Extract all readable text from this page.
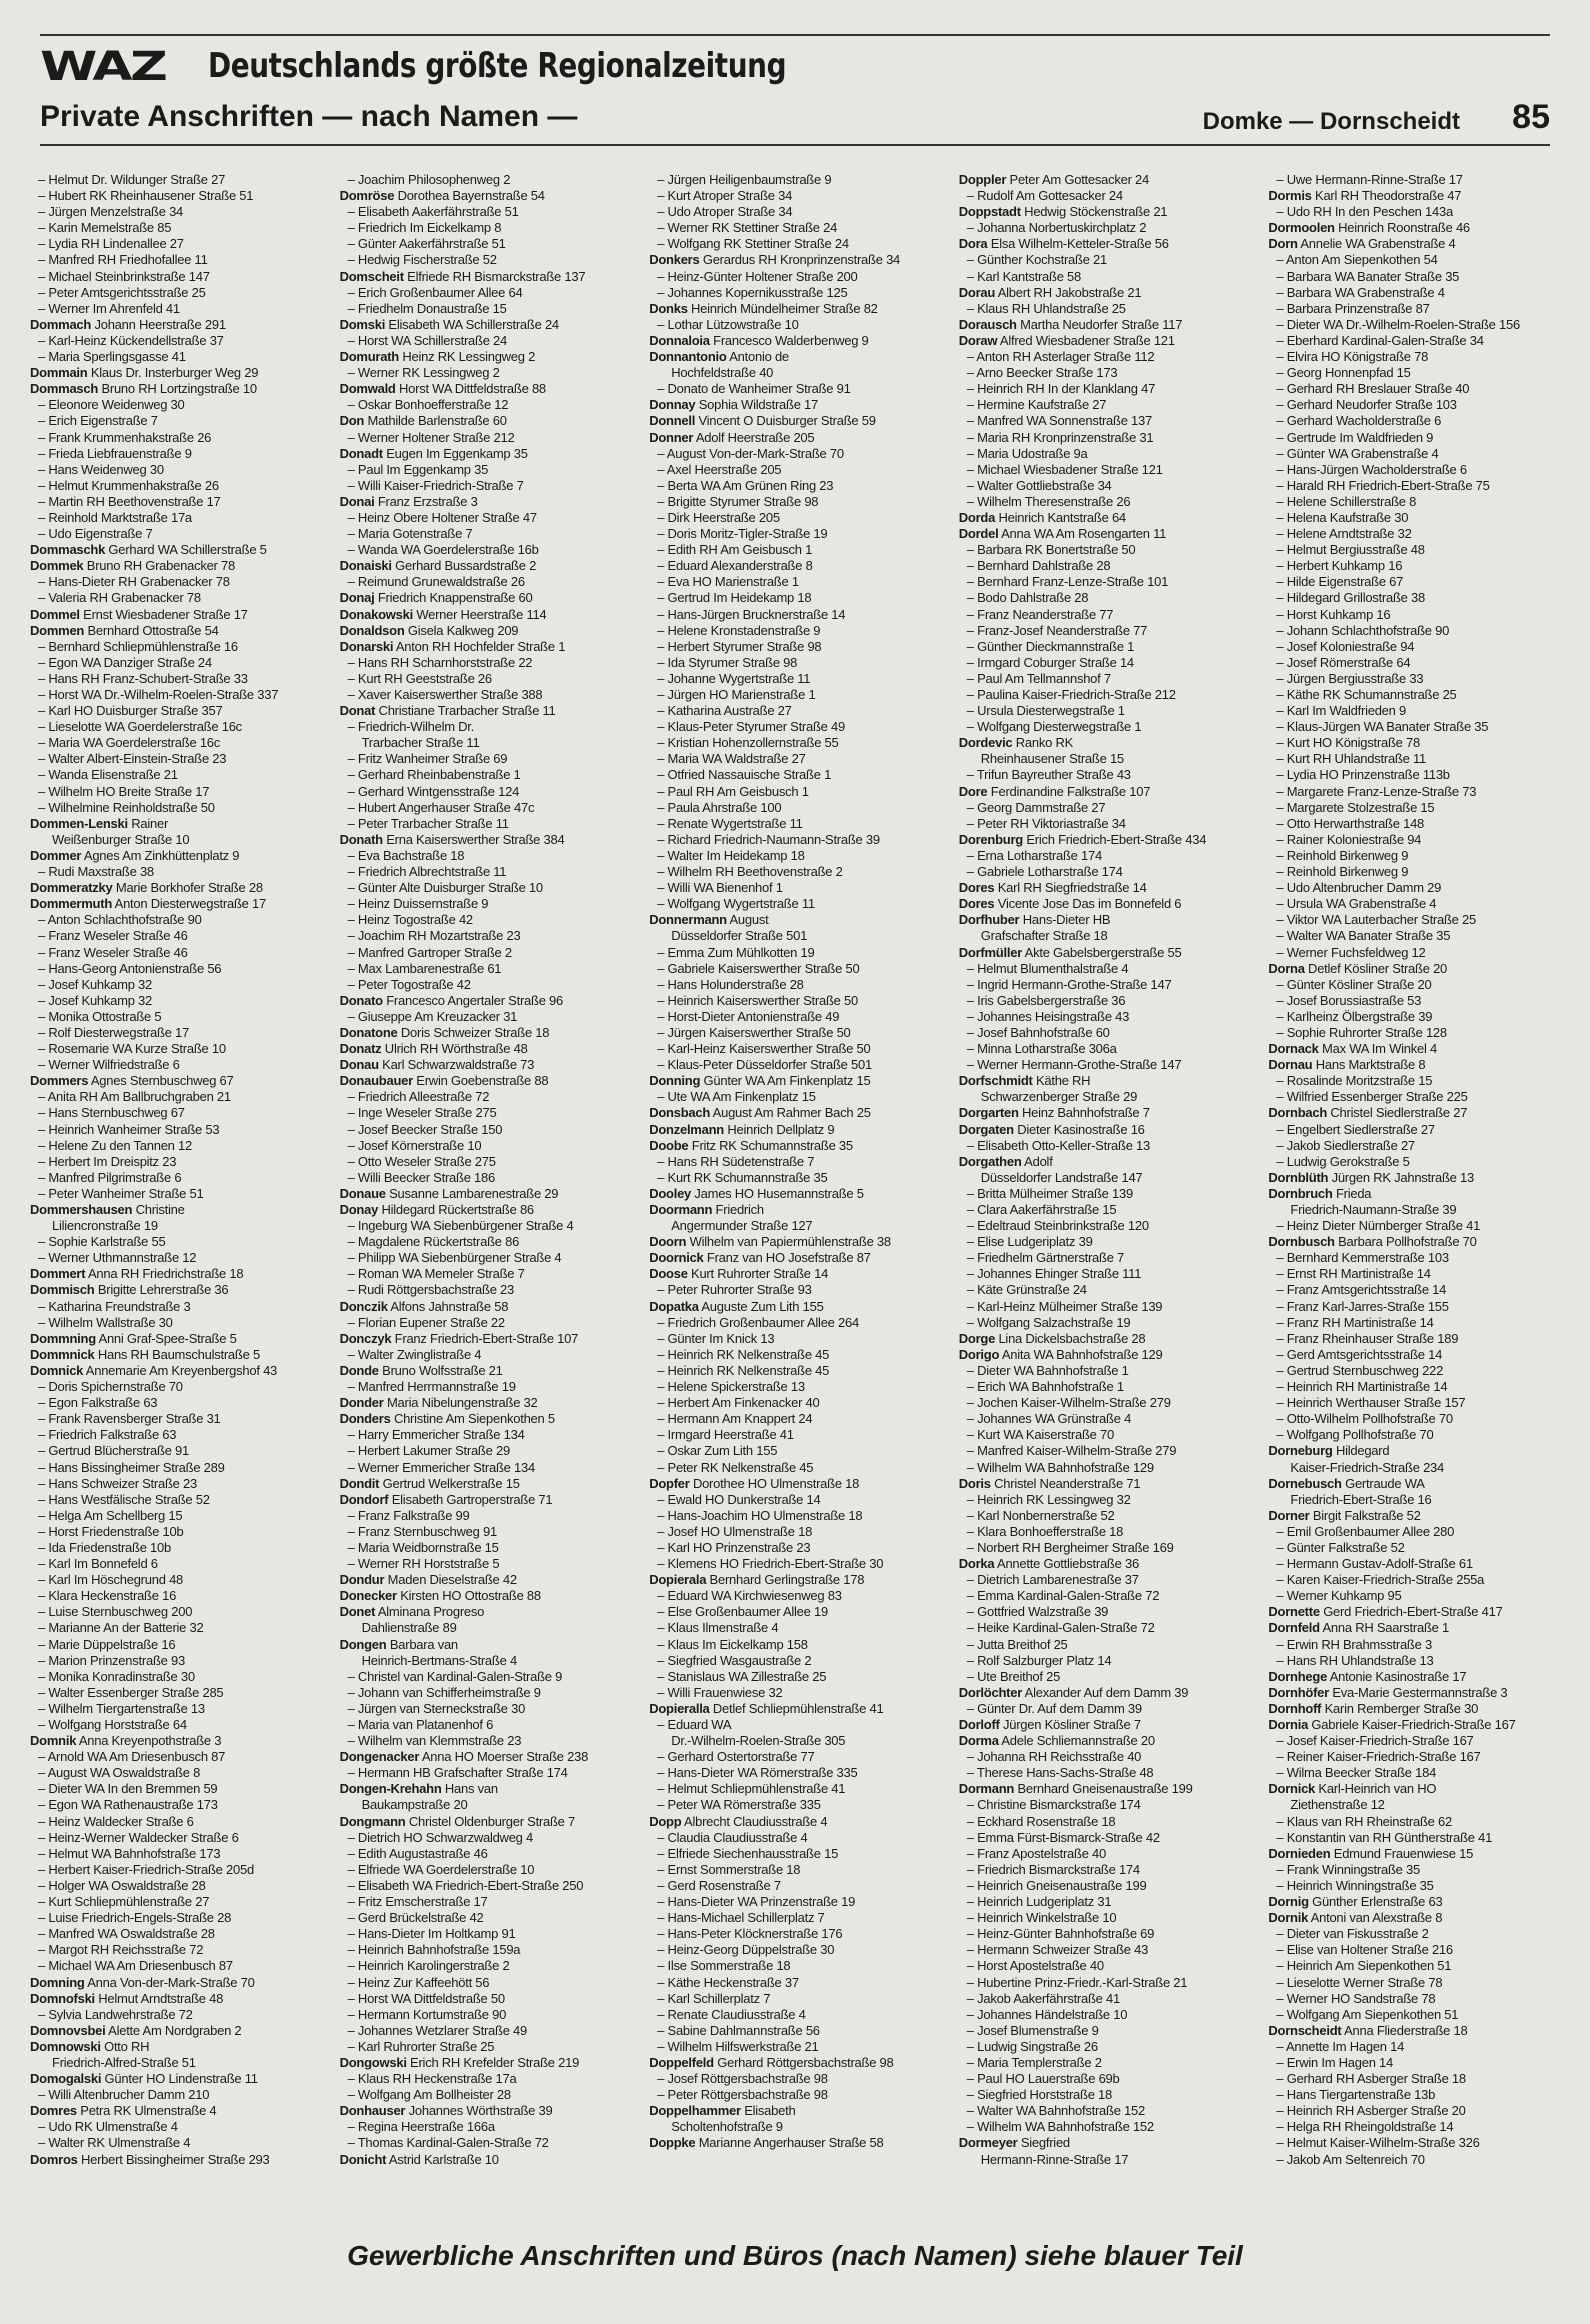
WAZ Deutschlands größte Regionalzeitung
Private Anschriften — nach Namen —	Domke — Dornscheidt 85
– Helmut Dr. Wildunger Straße 27
– Hubert RK Rheinhausener Straße 51
– Jürgen Menzelstraße 34
– Karin Memelstraße 85
– Lydia RH Lindenallee 27
– Manfred RH Friedhofallee 11
– Michael Steinbrinkstraße 147
– Peter Amtsgerichtsstraße 25
– Werner Im Ahrenfeld 41
Dommach Johann Heerstraße 291
– Karl-Heinz Kückendellstraße 37
– Maria Sperlingsgasse 41
Dommain Klaus Dr. Insterburger Weg 29
Dommasch Bruno RH Lortzingstraße 10
– Eleonore Weidenweg 30
– Erich Eigenstraße 7
– Frank Krummenhakstraße 26
– Frieda Liebfrauenstraße 9
– Hans Weidenweg 30
– Helmut Krummenhakstraße 26
– Martin RH Beethovenstraße 17
– Reinhold Marktstraße 17a
– Udo Eigenstraße 7
Dommaschk Gerhard WA Schillerstraße 5
Dommek Bruno RH Grabenacker 78
– Hans-Dieter RH Grabenacker 78
– Valeria RH Grabenacker 78
Dommel Ernst Wiesbadener Straße 17
Dommen Bernhard Ottostraße 54
– Bernhard Schliepmühlenstraße 16
– Egon WA Danziger Straße 24
– Hans RH Franz-Schubert-Straße 33
– Horst WA Dr.-Wilhelm-Roelen-Straße 337
– Karl HO Duisburger Straße 357
– Lieselotte WA Goerdelerstraße 16c
– Maria WA Goerdelerstraße 16c
– Walter Albert-Einstein-Straße 23
– Wanda Elisenstraße 21
– Wilhelm HO Breite Straße 17
– Wilhelmine Reinholdstraße 50
Dommen-Lenski Rainer
Weißenburger Straße 10
Dommer Agnes Am Zinkhüttenplatz 9
– Rudi Maxstraße 38
Dommeratzky Marie Borkhofer Straße 28
Dommermuth Anton Diesterwegstraße 17
– Anton Schlachthofstraße 90
– Franz Weseler Straße 46
– Franz Weseler Straße 46
– Hans-Georg Antonienstraße 56
– Josef Kuhkamp 32
– Josef Kuhkamp 32
– Monika Ottostraße 5
– Rolf Diesterwegstraße 17
– Rosemarie WA Kurze Straße 10
– Werner Wilfriedstraße 6
Dommers Agnes Sternbuschweg 67
– Anita RH Am Ballbruchgraben 21
– Hans Sternbuschweg 67
– Heinrich Wanheimer Straße 53
– Helene Zu den Tannen 12
– Herbert Im Dreispitz 23
– Manfred Pilgrimstraße 6
– Peter Wanheimer Straße 51
Dommershausen Christine
Liliencronstraße 19
– Sophie Karlstraße 55
– Werner Uthmannstraße 12
Dommert Anna RH Friedrichstraße 18
Dommisch Brigitte Lehrerstraße 36
– Katharina Freundstraße 3
– Wilhelm Wallstraße 30
Dommning Anni Graf-Spee-Straße 5
Dommnick Hans RH Baumschulstraße 5
Domnick Annemarie Am Kreyenbergshof 43
– Doris Spichernstraße 70
– Egon Falkstraße 63
– Frank Ravensberger Straße 31
– Friedrich Falkstraße 63
– Gertrud Blücherstraße 91
– Hans Bissingheimer Straße 289
– Hans Schweizer Straße 23
– Hans Westfälische Straße 52
– Helga Am Schellberg 15
– Horst Friedenstraße 10b
– Ida Friedenstraße 10b
– Karl Im Bonnefeld 6
– Karl Im Höschegrund 48
– Klara Heckenstraße 16
– Luise Sternbuschweg 200
– Marianne An der Batterie 32
– Marie Düppelstraße 16
– Marion Prinzenstraße 93
– Monika Konradinstraße 30
– Walter Essenberger Straße 285
– Wilhelm Tiergartenstraße 13
– Wolfgang Horststraße 64
Domnik Anna Kreyenpothstraße 3
– Arnold WA Am Driesenbusch 87
– August WA Oswaldstraße 8
– Dieter WA In den Bremmen 59
– Egon WA Rathenaustraße 173
– Heinz Waldecker Straße 6
– Heinz-Werner Waldecker Straße 6
– Helmut WA Bahnhofstraße 173
– Herbert Kaiser-Friedrich-Straße 205d
– Holger WA Oswaldstraße 28
– Kurt Schliepmühlenstraße 27
– Luise Friedrich-Engels-Straße 28
– Manfred WA Oswaldstraße 28
– Margot RH Reichsstraße 72
– Michael WA Am Driesenbusch 87
Domning Anna Von-der-Mark-Straße 70
Domnofski Helmut Arndtstraße 48
– Sylvia Landwehrstraße 72
Domnovsbei Alette Am Nordgraben 2
Domnowski Otto RH
Friedrich-Alfred-Straße 51
Domogalski Günter HO Lindenstraße 11
– Willi Altenbrucher Damm 210
Domres Petra RK Ulmenstraße 4
– Udo RK Ulmenstraße 4
– Walter RK Ulmenstraße 4
Domros Herbert Bissingheimer Straße 293
– Joachim Philosophenweg 2
Domröse Dorothea Bayernstraße 54
– Elisabeth Aakerfährstraße 51
– Friedrich Im Eickelkamp 8
– Günter Aakerfährstraße 51
– Hedwig Fischerstraße 52
Domscheit Elfriede RH Bismarckstraße 137
– Erich Großenbaumer Allee 64
– Friedhelm Donaustraße 15
Domski Elisabeth WA Schillerstraße 24
– Horst WA Schillerstraße 24
Domurath Heinz RK Lessingweg 2
– Werner RK Lessingweg 2
Domwald Horst WA Dittfeldstraße 88
– Oskar Bonhoefferstraße 12
Don Mathilde Barlenstraße 60
– Werner Holtener Straße 212
Donadt Eugen Im Eggenkamp 35
– Paul Im Eggenkamp 35
– Willi Kaiser-Friedrich-Straße 7
Donai Franz Erzstraße 3
– Heinz Obere Holtener Straße 47
– Maria Gotenstraße 7
– Wanda WA Goerdelerstraße 16b
Donaiski Gerhard Bussardstraße 2
– Reimund Grunewaldstraße 26
Donaj Friedrich Knappenstraße 60
Donakowski Werner Heerstraße 114
Donaldson Gisela Kalkweg 209
Donarski Anton RH Hochfelder Straße 1
– Hans RH Scharnhorststraße 22
– Kurt RH Geeststraße 26
– Xaver Kaiserswerther Straße 388
Donat Christiane Trarbacher Straße 11
– Friedrich-Wilhelm Dr.
Trarbacher Straße 11
– Fritz Wanheimer Straße 69
– Gerhard Rheinbabenstraße 1
– Gerhard Wintgensstraße 124
– Hubert Angerhauser Straße 47c
– Peter Trarbacher Straße 11
Donath Erna Kaiserswerther Straße 384
– Eva Bachstraße 18
– Friedrich Albrechtstraße 11
– Günter Alte Duisburger Straße 10
– Heinz Duissernstraße 9
– Heinz Togostraße 42
– Joachim RH Mozartstraße 23
– Manfred Gartroper Straße 2
– Max Lambarenestraße 61
– Peter Togostraße 42
Donato Francesco Angertaler Straße 96
– Giuseppe Am Kreuzacker 31
Donatone Doris Schweizer Straße 18
Donatz Ulrich RH Wörthstraße 48
Donau Karl Schwarzwaldstraße 73
Donaubauer Erwin Goebenstraße 88
– Friedrich Alleestraße 72
– Inge Weseler Straße 275
– Josef Beecker Straße 150
– Josef Körnerstraße 10
– Otto Weseler Straße 275
– Willi Beecker Straße 186
Donaue Susanne Lambarenestraße 29
Donay Hildegard Rückertstraße 86
– Ingeburg WA Siebenbürgener Straße 4
– Magdalene Rückertstraße 86
– Philipp WA Siebenbürgener Straße 4
– Roman WA Memeler Straße 7
– Rudi Röttgersbachstraße 23
Donczik Alfons Jahnstraße 58
– Florian Eupener Straße 22
Donczyk Franz Friedrich-Ebert-Straße 107
– Walter Zwinglistraße 4
Donde Bruno Wolfsstraße 21
– Manfred Herrmannstraße 19
Donder Maria Nibelungenstraße 32
Donders Christine Am Siepenkothen 5
– Harry Emmericher Straße 134
– Herbert Lakumer Straße 29
– Werner Emmericher Straße 134
Dondit Gertrud Welkerstraße 15
Dondorf Elisabeth Gartroperstraße 71
– Franz Falkstraße 99
– Franz Sternbuschweg 91
– Maria Weidbornstraße 15
– Werner RH Horststraße 5
Dondur Maden Dieselstraße 42
Donecker Kirsten HO Ottostraße 88
Donet Alminana Progreso
Dahlienstraße 89
Dongen Barbara van
Heinrich-Bertmans-Straße 4
– Christel van Kardinal-Galen-Straße 9
– Johann van Schifferheimstraße 9
– Jürgen van Sterneckstraße 30
– Maria van Platanenhof 6
– Wilhelm van Klemmstraße 23
Dongenacker Anna HO Moerser Straße 238
– Hermann HB Grafschafter Straße 174
Dongen-Krehahn Hans van
Baukampstraße 20
Dongmann Christel Oldenburger Straße 7
– Dietrich HO Schwarzwaldweg 4
– Edith Augustastraße 46
– Elfriede WA Goerdelerstraße 10
– Elisabeth WA Friedrich-Ebert-Straße 250
– Fritz Emscherstraße 17
– Gerd Brückelstraße 42
– Hans-Dieter Im Holtkamp 91
– Heinrich Bahnhofstraße 159a
– Heinrich Karolingerstraße 2
– Heinz Zur Kaffeehött 56
– Horst WA Dittfeldstraße 50
– Hermann Kortumstraße 90
– Johannes Wetzlarer Straße 49
– Karl Ruhrorter Straße 25
Dongowski Erich RH Krefelder Straße 219
– Klaus RH Heckenstraße 17a
– Wolfgang Am Bollheister 28
Donhauser Johannes Wörthstraße 39
– Regina Heerstraße 166a
– Thomas Kardinal-Galen-Straße 72
Donicht Astrid Karlstraße 10
– Jürgen Heiligenbaumstraße 9
– Kurt Atroper Straße 34
– Udo Atroper Straße 34
– Werner RK Stettiner Straße 24
– Wolfgang RK Stettiner Straße 24
Donkers Gerardus RH Kronprinzenstraße 34
– Heinz-Günter Holtener Straße 200
– Johannes Kopernikusstraße 125
Donks Heinrich Mündelheimer Straße 82
– Lothar Lützowstraße 10
Donnaloia Francesco Walderbenweg 9
Donnantonio Antonio de
Hochfeldstraße 40
– Donato de Wanheimer Straße 91
Donnay Sophia Wildstraße 17
Donnell Vincent O Duisburger Straße 59
Donner Adolf Heerstraße 205
– August Von-der-Mark-Straße 70
– Axel Heerstraße 205
– Berta WA Am Grünen Ring 23
– Brigitte Styrumer Straße 98
– Dirk Heerstraße 205
– Doris Moritz-Tigler-Straße 19
– Edith RH Am Geisbusch 1
– Eduard Alexanderstraße 8
– Eva HO Marienstraße 1
– Gertrud Im Heidekamp 18
– Hans-Jürgen Brucknerstraße 14
– Helene Kronstadenstraße 9
– Herbert Styrumer Straße 98
– Ida Styrumer Straße 98
– Johanne Wygertstraße 11
– Jürgen HO Marienstraße 1
– Katharina Austraße 27
– Klaus-Peter Styrumer Straße 49
– Kristian Hohenzollernstraße 55
– Maria WA Waldstraße 27
– Otfried Nassauische Straße 1
– Paul RH Am Geisbusch 1
– Paula Ahrstraße 100
– Renate Wygertstraße 11
– Richard Friedrich-Naumann-Straße 39
– Walter Im Heidekamp 18
– Wilhelm RH Beethovenstraße 2
– Willi WA Bienenhof 1
– Wolfgang Wygertstraße 11
Donnermann August
Düsseldorfer Straße 501
– Emma Zum Mühlkotten 19
– Gabriele Kaiserswerther Straße 50
– Hans Holunderstraße 28
– Heinrich Kaiserswerther Straße 50
– Horst-Dieter Antonienstraße 49
– Jürgen Kaiserswerther Straße 50
– Karl-Heinz Kaiserswerther Straße 50
– Klaus-Peter Düsseldorfer Straße 501
Donning Günter WA Am Finkenplatz 15
– Ute WA Am Finkenplatz 15
Donsbach August Am Rahmer Bach 25
Donzelmann Heinrich Dellplatz 9
Doobe Fritz RK Schumannstraße 35
– Hans RH Südetenstraße 7
– Kurt RK Schumannstraße 35
Dooley James HO Husemannstraße 5
Doormann Friedrich
Angermunder Straße 127
Doorn Wilhelm van Papiermühlenstraße 38
Doornick Franz van HO Josefstraße 87
Doose Kurt Ruhrorter Straße 14
– Peter Ruhrorter Straße 93
Dopatka Auguste Zum Lith 155
– Friedrich Großenbaumer Allee 264
– Günter Im Knick 13
– Heinrich RK Nelkenstraße 45
– Heinrich RK Nelkenstraße 45
– Helene Spickerstraße 13
– Herbert Am Finkenacker 40
– Hermann Am Knappert 24
– Irmgard Heerstraße 41
– Oskar Zum Lith 155
– Peter RK Nelkenstraße 45
Dopfer Dorothee HO Ulmenstraße 18
– Ewald HO Dunkerstraße 14
– Hans-Joachim HO Ulmenstraße 18
– Josef HO Ulmenstraße 18
– Karl HO Prinzenstraße 23
– Klemens HO Friedrich-Ebert-Straße 30
Dopierala Bernhard Gerlingstraße 178
– Eduard WA Kirchwiesenweg 83
– Else Großenbaumer Allee 19
– Klaus Ilmenstraße 4
– Klaus Im Eickelkamp 158
– Siegfried Wasgaustraße 2
– Stanislaus WA Zillestraße 25
– Willi Frauenwiese 32
Dopieralla Detlef Schliepmühlenstraße 41
– Eduard WA
Dr.-Wilhelm-Roelen-Straße 305
– Gerhard Ostertorstraße 77
– Hans-Dieter WA Römerstraße 335
– Helmut Schliepmühlenstraße 41
– Peter WA Römerstraße 335
Dopp Albrecht Claudiusstraße 4
– Claudia Claudiusstraße 4
– Elfriede Siechenhausstraße 15
– Ernst Sommerstraße 18
– Gerd Rosenstraße 7
– Hans-Dieter WA Prinzenstraße 19
– Hans-Michael Schillerplatz 7
– Hans-Peter Klöcknerstraße 176
– Heinz-Georg Düppelstraße 30
– Ilse Sommerstraße 18
– Käthe Heckenstraße 37
– Karl Schillerplatz 7
– Renate Claudiusstraße 4
– Sabine Dahlmannstraße 56
– Wilhelm Hilfswerkstraße 21
Doppelfeld Gerhard Röttgersbachstraße 98
– Josef Röttgersbachstraße 98
– Peter Röttgersbachstraße 98
Doppelhammer Elisabeth
Scholtenhofstraße 9
Doppke Marianne Angerhauser Straße 58
Doppler Peter Am Gottesacker 24
– Rudolf Am Gottesacker 24
Doppstadt Hedwig Stöckenstraße 21
– Johanna Norbertuskirchplatz 2
Dora Elsa Wilhelm-Ketteler-Straße 56
– Günther Kochstraße 21
– Karl Kantstraße 58
Dorau Albert RH Jakobstraße 21
– Klaus RH Uhlandstraße 25
Dorausch Martha Neudorfer Straße 117
Doraw Alfred Wiesbadener Straße 121
– Anton RH Asterlager Straße 112
– Arno Beecker Straße 173
– Heinrich RH In der Klanklang 47
– Hermine Kaufstraße 27
– Manfred WA Sonnenstraße 137
– Maria RH Kronprinzenstraße 31
– Maria Udostraße 9a
– Michael Wiesbadener Straße 121
– Walter Gottliebstraße 34
– Wilhelm Theresenstraße 26
Dorda Heinrich Kantstraße 64
Dordel Anna WA Am Rosengarten 11
– Barbara RK Bonertstraße 50
– Bernhard Dahlstraße 28
– Bernhard Franz-Lenze-Straße 101
– Bodo Dahlstraße 28
– Franz Neanderstraße 77
– Franz-Josef Neanderstraße 77
– Günther Dieckmannstraße 1
– Irmgard Coburger Straße 14
– Paul Am Tellmannshof 7
– Paulina Kaiser-Friedrich-Straße 212
– Ursula Diesterwegstraße 1
– Wolfgang Diesterwegstraße 1
Dordevic Ranko RK
Rheinhausener Straße 15
– Trifun Bayreuther Straße 43
Dore Ferdinandine Falkstraße 107
– Georg Dammstraße 27
– Peter RH Viktoriastraße 34
Dorenburg Erich Friedrich-Ebert-Straße 434
– Erna Lotharstraße 174
– Gabriele Lotharstraße 174
Dores Karl RH Siegfriedstraße 14
Dores Vicente Jose Das im Bonnefeld 6
Dorfhuber Hans-Dieter HB
Grafschafter Straße 18
Dorfmüller Akte Gabelsbergerstraße 55
– Helmut Blumenthalstraße 4
– Ingrid Hermann-Grothe-Straße 147
– Iris Gabelsbergerstraße 36
– Johannes Heisingstraße 43
– Josef Bahnhofstraße 60
– Minna Lotharstraße 306a
– Werner Hermann-Grothe-Straße 147
Dorfschmidt Käthe RH
Schwarzenberger Straße 29
Dorgarten Heinz Bahnhofstraße 7
Dorgaten Dieter Kasinostraße 16
– Elisabeth Otto-Keller-Straße 13
Dorgathen Adolf
Düsseldorfer Landstraße 147
– Britta Mülheimer Straße 139
– Clara Aakerfährstraße 15
– Edeltraud Steinbrinkstraße 120
– Elise Ludgeriplatz 39
– Friedhelm Gärtnerstraße 7
– Johannes Ehinger Straße 111
– Käte Grünstraße 24
– Karl-Heinz Mülheimer Straße 139
– Wolfgang Salzachstraße 19
Dorge Lina Dickelsbachstraße 28
Dorigo Anita WA Bahnhofstraße 129
– Dieter WA Bahnhofstraße 1
– Erich WA Bahnhofstraße 1
– Jochen Kaiser-Wilhelm-Straße 279
– Johannes WA Grünstraße 4
– Kurt WA Kaiserstraße 70
– Manfred Kaiser-Wilhelm-Straße 279
– Wilhelm WA Bahnhofstraße 129
Doris Christel Neanderstraße 71
– Heinrich RK Lessingweg 32
– Karl Nonbernerstraße 52
– Klara Bonhoefferstraße 18
– Norbert RH Bergheimer Straße 169
Dorka Annette Gottliebstraße 36
– Dietrich Lambarenestraße 37
– Emma Kardinal-Galen-Straße 72
– Gottfried Walzstraße 39
– Heike Kardinal-Galen-Straße 72
– Jutta Breithof 25
– Rolf Salzburger Platz 14
– Ute Breithof 25
Dorlöchter Alexander Auf dem Damm 39
– Günter Dr. Auf dem Damm 39
Dorloff Jürgen Kösliner Straße 7
Dorma Adele Schliemannstraße 20
– Johanna RH Reichsstraße 40
– Therese Hans-Sachs-Straße 48
Dormann Bernhard Gneisenaustraße 199
– Christine Bismarckstraße 174
– Eckhard Rosenstraße 18
– Emma Fürst-Bismarck-Straße 42
– Franz Apostelstraße 40
– Friedrich Bismarckstraße 174
– Heinrich Gneisenaustraße 199
– Heinrich Ludgeriplatz 31
– Heinrich Winkelstraße 10
– Heinz-Günter Bahnhofstraße 69
– Hermann Schweizer Straße 43
– Horst Apostelstraße 40
– Hubertine Prinz-Friedr.-Karl-Straße 21
– Jakob Aakerfährstraße 41
– Johannes Händelstraße 10
– Josef Blumenstraße 9
– Ludwig Singstraße 26
– Maria Templerstraße 2
– Paul HO Lauerstraße 69b
– Siegfried Horststraße 18
– Walter WA Bahnhofstraße 152
– Wilhelm WA Bahnhofstraße 152
Dormeyer Siegfried
Hermann-Rinne-Straße 17
– Uwe Hermann-Rinne-Straße 17
Dormis Karl RH Theodorstraße 47
– Udo RH In den Peschen 143a
Dormoolen Heinrich Roonstraße 46
Dorn Annelie WA Grabenstraße 4
– Anton Am Siepenkothen 54
– Barbara WA Banater Straße 35
– Barbara WA Grabenstraße 4
– Barbara Prinzenstraße 87
– Dieter WA Dr.-Wilhelm-Roelen-Straße 156
– Eberhard Kardinal-Galen-Straße 34
– Elvira HO Königstraße 78
– Georg Honnenpfad 15
– Gerhard RH Breslauer Straße 40
– Gerhard Neudorfer Straße 103
– Gerhard Wacholderstraße 6
– Gertrude Im Waldfrieden 9
– Günter WA Grabenstraße 4
– Hans-Jürgen Wacholderstraße 6
– Harald RH Friedrich-Ebert-Straße 75
– Helene Schillerstraße 8
– Helena Kaufstraße 30
– Helene Arndtstraße 32
– Helmut Bergiusstraße 48
– Herbert Kuhkamp 16
– Hilde Eigenstraße 67
– Hildegard Grillostraße 38
– Horst Kuhkamp 16
– Johann Schlachthofstraße 90
– Josef Koloniestraße 94
– Josef Römerstraße 64
– Jürgen Bergiusstraße 33
– Käthe RK Schumannstraße 25
– Karl Im Waldfrieden 9
– Klaus-Jürgen WA Banater Straße 35
– Kurt HO Königstraße 78
– Kurt RH Uhlandstraße 11
– Lydia HO Prinzenstraße 113b
– Margarete Franz-Lenze-Straße 73
– Margarete Stolzestraße 15
– Otto Herwarthstraße 148
– Rainer Koloniestraße 94
– Reinhold Birkenweg 9
– Reinhold Birkenweg 9
– Udo Altenbrucher Damm 29
– Ursula WA Grabenstraße 4
– Viktor WA Lauterbacher Straße 25
– Walter WA Banater Straße 35
– Werner Fuchsfeldweg 12
Dorna Detlef Kösliner Straße 20
– Günter Kösliner Straße 20
– Josef Borussiastraße 53
– Karlheinz Ölbergstraße 39
– Sophie Ruhrorter Straße 128
Dornack Max WA Im Winkel 4
Dornau Hans Marktstraße 8
– Rosalinde Moritzstraße 15
– Wilfried Essenberger Straße 225
Dornbach Christel Siedlerstraße 27
– Engelbert Siedlerstraße 27
– Jakob Siedlerstraße 27
– Ludwig Gerokstraße 5
Dornblüth Jürgen RK Jahnstraße 13
Dornbruch Frieda
Friedrich-Naumann-Straße 39
– Heinz Dieter Nürnberger Straße 41
Dornbusch Barbara Pollhofstraße 70
– Bernhard Kemmerstraße 103
– Ernst RH Martinistraße 14
– Franz Amtsgerichtsstraße 14
– Franz Karl-Jarres-Straße 155
– Franz RH Martinistraße 14
– Franz Rheinhauser Straße 189
– Gerd Amtsgerichtsstraße 14
– Gertrud Sternbuschweg 222
– Heinrich RH Martinistraße 14
– Heinrich Werthauser Straße 157
– Otto-Wilhelm Pollhofstraße 70
– Wolfgang Pollhofstraße 70
Dorneburg Hildegard
Kaiser-Friedrich-Straße 234
Dornebusch Gertraude WA
Friedrich-Ebert-Straße 16
Dorner Birgit Falkstraße 52
– Emil Großenbaumer Allee 280
– Günter Falkstraße 52
– Hermann Gustav-Adolf-Straße 61
– Karen Kaiser-Friedrich-Straße 255a
– Werner Kuhkamp 95
Dornette Gerd Friedrich-Ebert-Straße 417
Dornfeld Anna RH Saarstraße 1
– Erwin RH Brahmsstraße 3
– Hans RH Uhlandstraße 13
Dornhege Antonie Kasinostraße 17
Dornhöfer Eva-Marie Gestermannstraße 3
Dornhoff Karin Remberger Straße 30
Dornia Gabriele Kaiser-Friedrich-Straße 167
– Josef Kaiser-Friedrich-Straße 167
– Reiner Kaiser-Friedrich-Straße 167
– Wilma Beecker Straße 184
Dornick Karl-Heinrich van HO
Ziethenstraße 12
– Klaus van RH Rheinstraße 62
– Konstantin van RH Güntherstraße 41
Dornieden Edmund Frauenwiese 15
– Frank Winningstraße 35
– Heinrich Winningstraße 35
Dornig Günther Erlenstraße 63
Dornik Antoni van Alexstraße 8
– Dieter van Fiskusstraße 2
– Elise van Holtener Straße 216
– Heinrich Am Siepenkothen 51
– Lieselotte Werner Straße 78
– Werner HO Sandstraße 78
– Wolfgang Am Siepenkothen 51
Dornscheidt Anna Fliederstraße 18
– Annette Im Hagen 14
– Erwin Im Hagen 14
– Gerhard RH Asberger Straße 18
– Hans Tiergartenstraße 13b
– Heinrich RH Asberger Straße 20
– Helga RH Rheingoldstraße 14
– Helmut Kaiser-Wilhelm-Straße 326
– Jakob Am Seltenreich 70
Gewerbliche Anschriften und Büros (nach Namen) siehe blauer Teil
